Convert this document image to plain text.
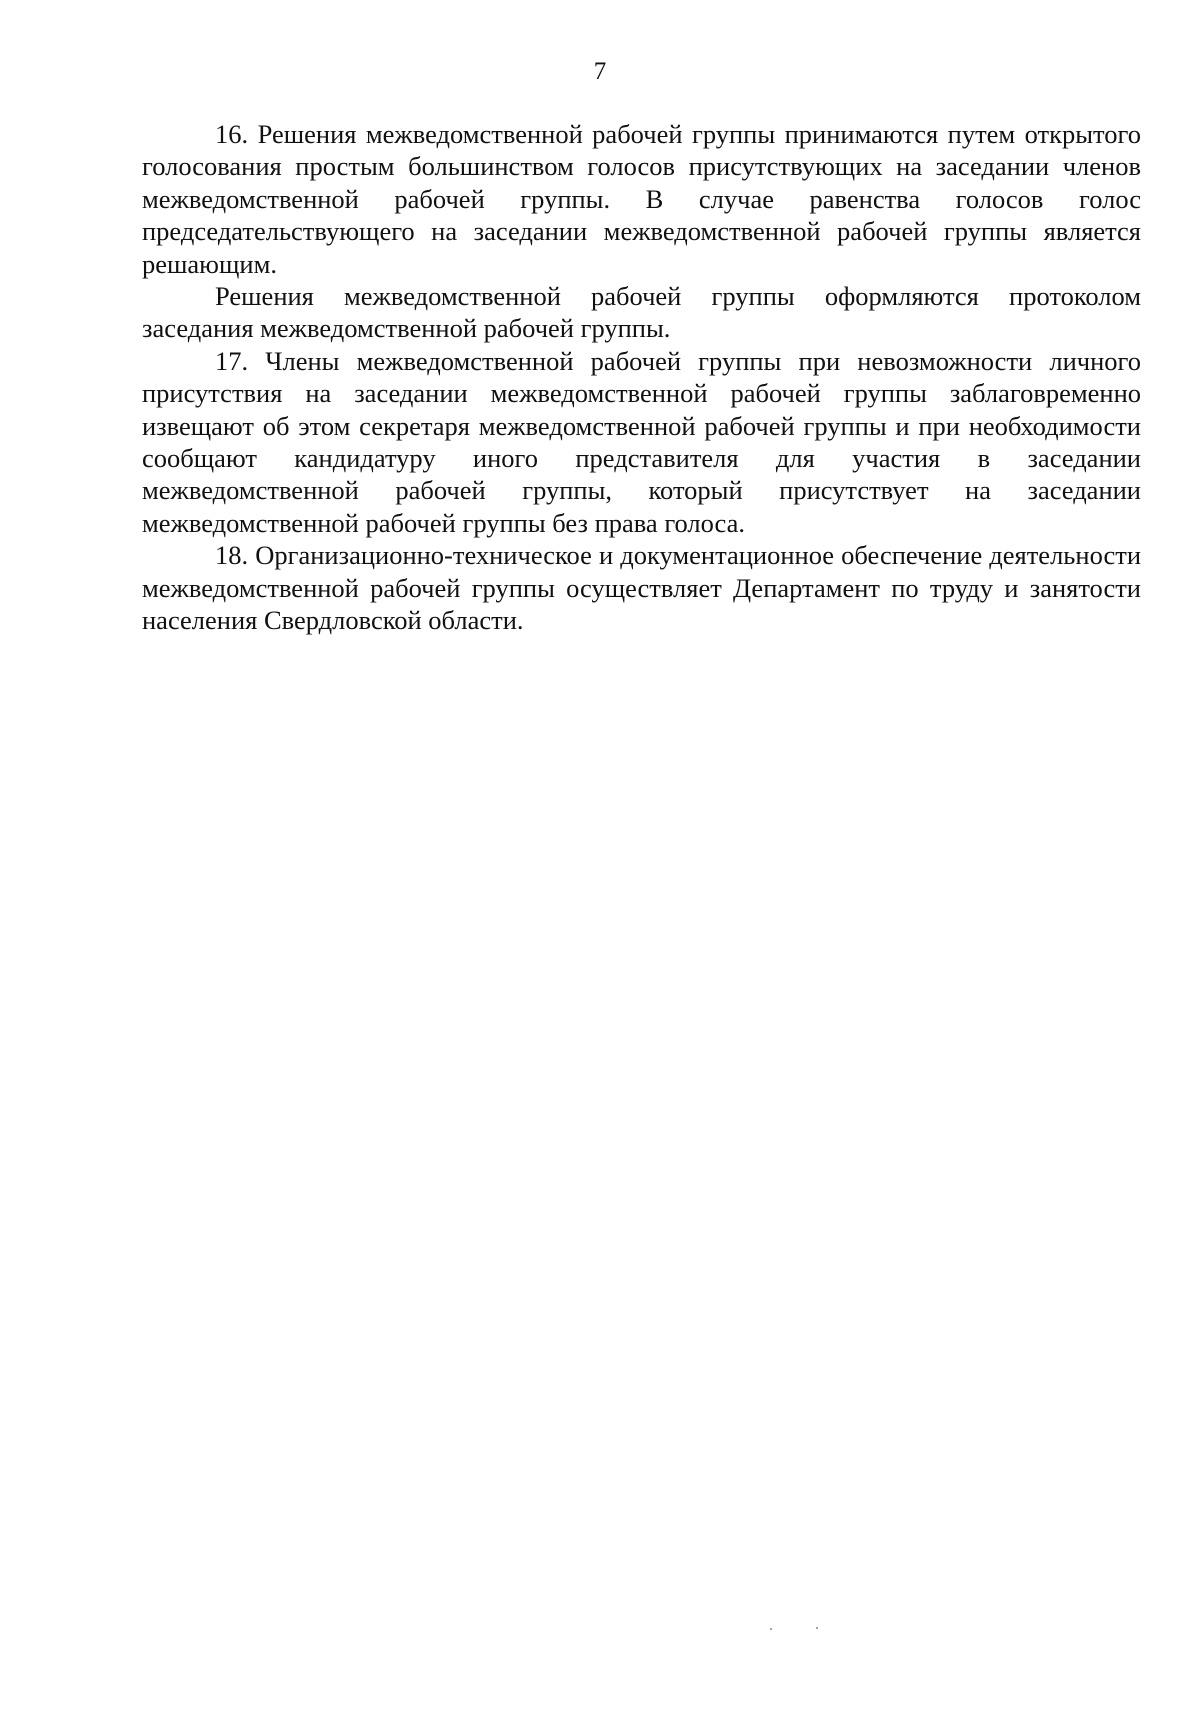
7

16. Решения межведомственной рабочей группы принимаются путем открытого голосования простым большинством голосов присутствующих на заседании членов межведомственной рабочей группы. В случае равенства голосов голос председательствующего на заседании межведомственной рабочей группы является решающим.

Решения межведомственной рабочей группы оформляются протоколом заседания межведомственной рабочей группы.

17. Члены межведомственной рабочей группы при невозможности личного присутствия на заседании межведомственной рабочей группы заблаговременно извещают об этом секретаря межведомственной рабочей группы и при необходимости сообщают кандидатуру иного представителя для участия в заседании межведомственной рабочей группы, который присутствует на заседании межведомственной рабочей группы без права голоса.

18. Организационно-техническое и документационное обеспечение деятельности межведомственной рабочей группы осуществляет Департамент по труду и занятости населения Свердловской области.
